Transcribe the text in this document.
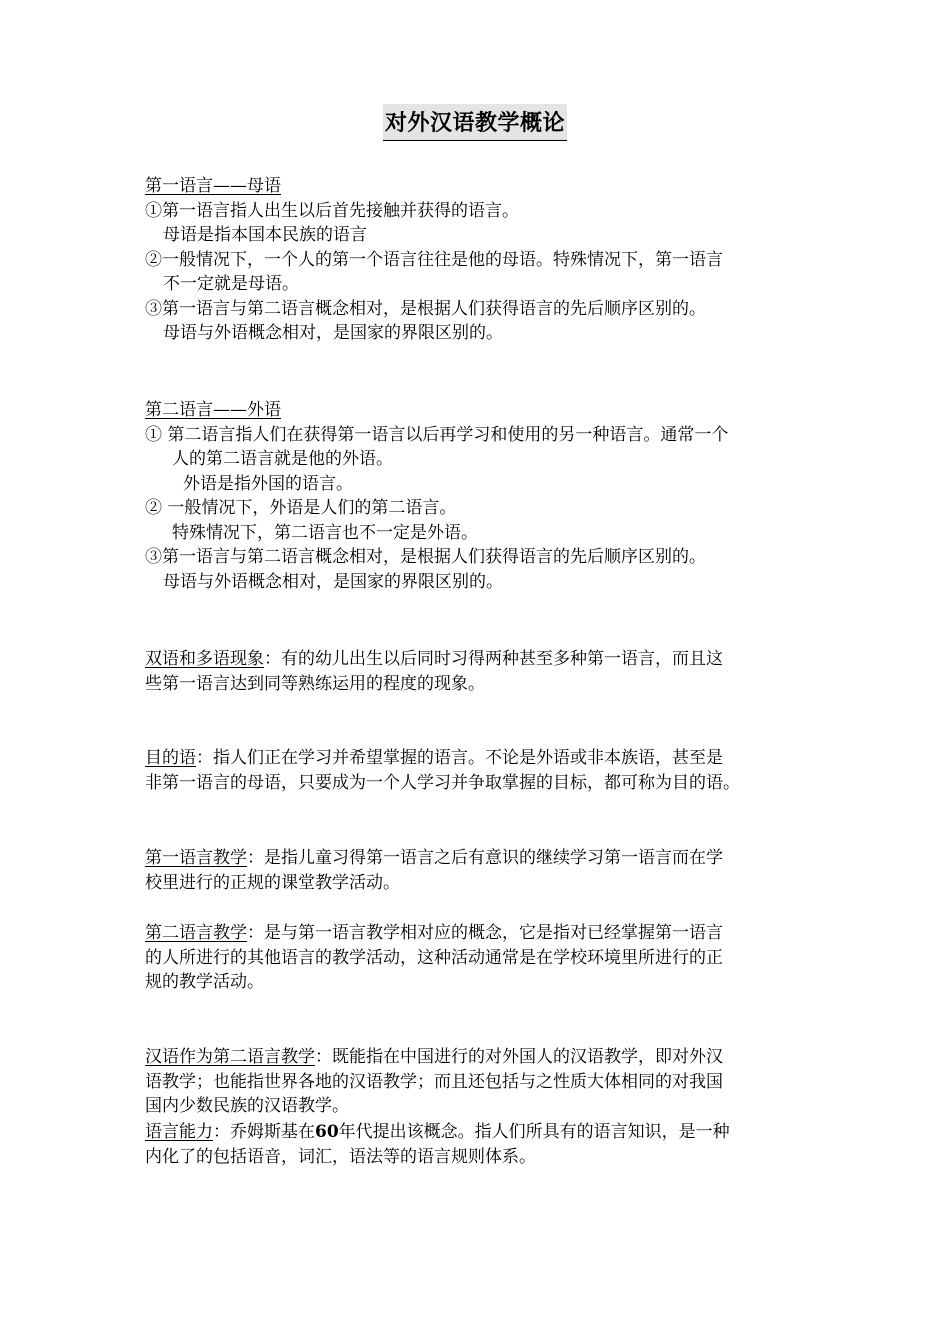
对外汉语教学概论
第一语言——母语
①第一语言指人出生以后首先接触并获得的语言。
母语是指本国本民族的语言
②一般情况下，一个人的第一个语言往往是他的母语。特殊情况下，第一语言
不一定就是母语。
③第一语言与第二语言概念相对，是根据人们获得语言的先后顺序区别的。
母语与外语概念相对，是国家的界限区别的。
第二语言——外语
① 第二语言指人们在获得第一语言以后再学习和使用的另一种语言。通常一个
人的第二语言就是他的外语。
外语是指外国的语言。
② 一般情况下，外语是人们的第二语言。
特殊情况下，第二语言也不一定是外语。
③第一语言与第二语言概念相对，是根据人们获得语言的先后顺序区别的。
母语与外语概念相对，是国家的界限区别的。
双语和多语现象：有的幼儿出生以后同时习得两种甚至多种第一语言，而且这
些第一语言达到同等熟练运用的程度的现象。
目的语：指人们正在学习并希望掌握的语言。不论是外语或非本族语，甚至是
非第一语言的母语，只要成为一个人学习并争取掌握的目标，都可称为目的语。
第一语言教学：是指儿童习得第一语言之后有意识的继续学习第一语言而在学
校里进行的正规的课堂教学活动。
第二语言教学：是与第一语言教学相对应的概念，它是指对已经掌握第一语言
的人所进行的其他语言的教学活动，这种活动通常是在学校环境里所进行的正
规的教学活动。
汉语作为第二语言教学：既能指在中国进行的对外国人的汉语教学，即对外汉
语教学；也能指世界各地的汉语教学；而且还包括与之性质大体相同的对我国
国内少数民族的汉语教学。
语言能力：乔姆斯基在60年代提出该概念。指人们所具有的语言知识，是一种
内化了的包括语音，词汇，语法等的语言规则体系。
